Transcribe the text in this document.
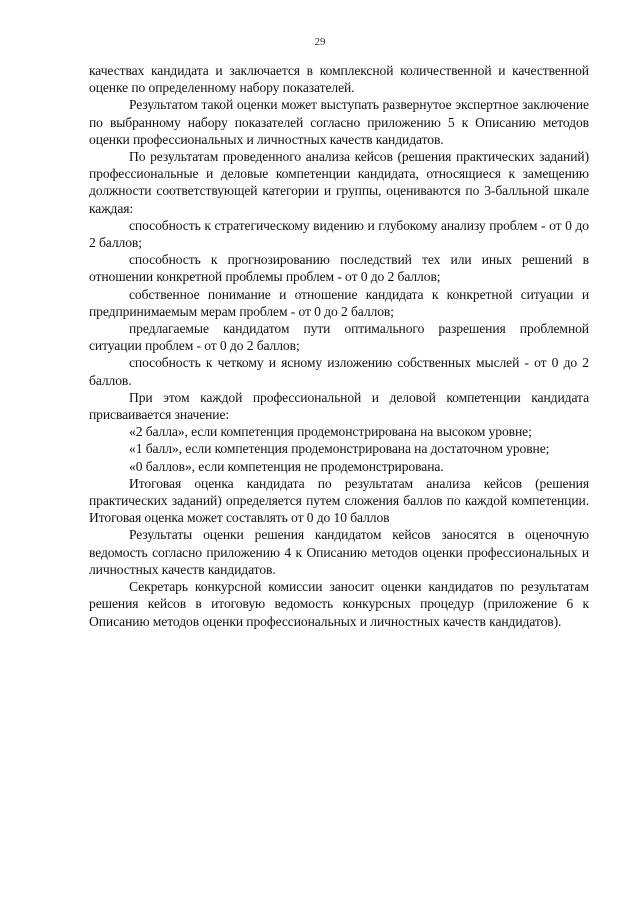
29

качествах кандидата и заключается в комплексной количественной и качественной оценке по определенному набору показателей.

Результатом такой оценки может выступать развернутое экспертное заключение по выбранному набору показателей согласно приложению 5 к Описанию методов оценки профессиональных и личностных качеств кандидатов.

По результатам проведенного анализа кейсов (решения практических заданий) профессиональные и деловые компетенции кандидата, относящиеся к замещению должности соответствующей категории и группы, оцениваются по 3-балльной шкале каждая:

способность к стратегическому видению и глубокому анализу проблем - от 0 до 2 баллов;

способность к прогнозированию последствий тех или иных решений в отношении конкретной проблемы проблем - от 0 до 2 баллов;

собственное понимание и отношение кандидата к конкретной ситуации и предпринимаемым мерам проблем - от 0 до 2 баллов;

предлагаемые кандидатом пути оптимального разрешения проблемной ситуации проблем - от 0 до 2 баллов;

способность к четкому и ясному изложению собственных мыслей - от 0 до 2 баллов.

При этом каждой профессиональной и деловой компетенции кандидата присваивается значение:

«2 балла», если компетенция продемонстрирована на высоком уровне;

«1 балл», если компетенция продемонстрирована на достаточном уровне;

«0 баллов», если компетенция не продемонстрирована.

Итоговая оценка кандидата по результатам анализа кейсов (решения практических заданий) определяется путем сложения баллов по каждой компетенции. Итоговая оценка может составлять от 0 до 10 баллов

Результаты оценки решения кандидатом кейсов заносятся в оценочную ведомость согласно приложению 4 к Описанию методов оценки профессиональных и личностных качеств кандидатов.

Секретарь конкурсной комиссии заносит оценки кандидатов по результатам решения кейсов в итоговую ведомость конкурсных процедур (приложение 6 к Описанию методов оценки профессиональных и личностных качеств кандидатов).
